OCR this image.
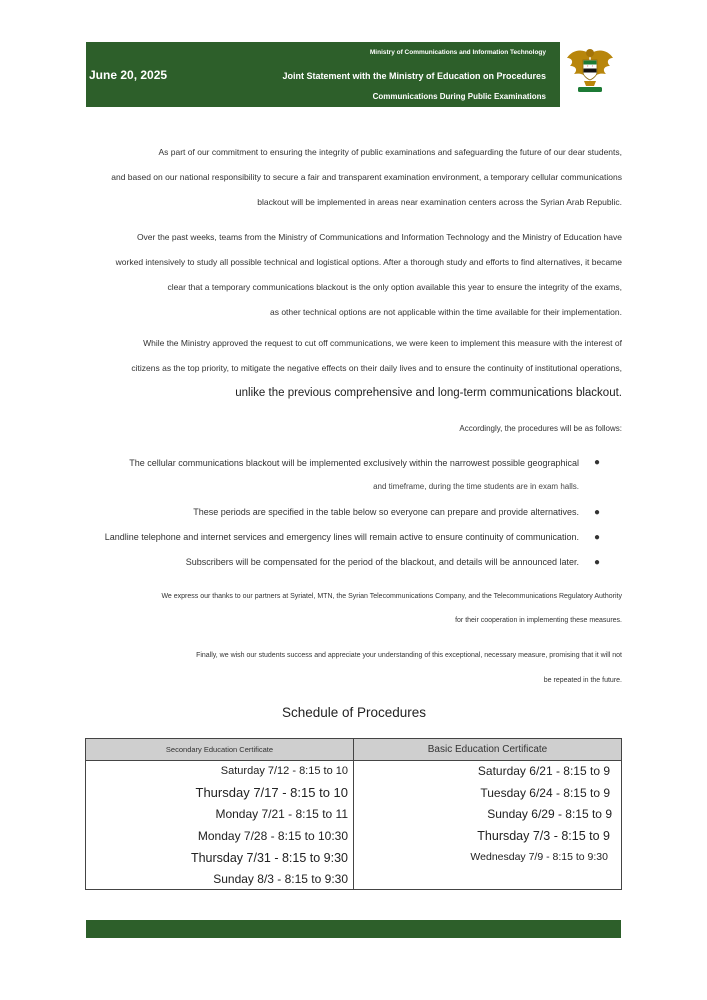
June 20, 2025
Ministry of Communications and Information Technology
Joint Statement with the Ministry of Education on Procedures
Communications During Public Examinations
As part of our commitment to ensuring the integrity of public examinations and safeguarding the future of our dear students,
and based on our national responsibility to secure a fair and transparent examination environment, a temporary cellular communications
blackout will be implemented in areas near examination centers across the Syrian Arab Republic.
Over the past weeks, teams from the Ministry of Communications and Information Technology and the Ministry of Education have
worked intensively to study all possible technical and logistical options. After a thorough study and efforts to find alternatives, it became
clear that a temporary communications blackout is the only option available this year to ensure the integrity of the exams,
as other technical options are not applicable within the time available for their implementation.
While the Ministry approved the request to cut off communications, we were keen to implement this measure with the interest of
citizens as the top priority, to mitigate the negative effects on their daily lives and to ensure the continuity of institutional operations,
unlike the previous comprehensive and long-term communications blackout.
Accordingly, the procedures will be as follows:
The cellular communications blackout will be implemented exclusively within the narrowest possible geographical ●
and timeframe, during the time students are in exam halls.
These periods are specified in the table below so everyone can prepare and provide alternatives. ●
Landline telephone and internet services and emergency lines will remain active to ensure continuity of communication. ●
Subscribers will be compensated for the period of the blackout, and details will be announced later. ●
We express our thanks to our partners at Syriatel, MTN, the Syrian Telecommunications Company, and the Telecommunications Regulatory Authority
for their cooperation in implementing these measures.
Finally, we wish our students success and appreciate your understanding of this exceptional, necessary measure, promising that it will not
be repeated in the future.
Schedule of Procedures
Secondary Education Certificate	Basic Education Certificate
Saturday 7/12 - 8:15 to 10
Thursday 7/17 - 8:15 to 10
Monday 7/21 - 8:15 to 11
Monday 7/28 - 8:15 to 10:30
Thursday 7/31 - 8:15 to 9:30
Sunday 8/3 - 8:15 to 9:30
Saturday 6/21 - 8:15 to 9
Tuesday 6/24 - 8:15 to 9
Sunday 6/29 - 8:15 to 9
Thursday 7/3 - 8:15 to 9
Wednesday 7/9 - 8:15 to 9:30
